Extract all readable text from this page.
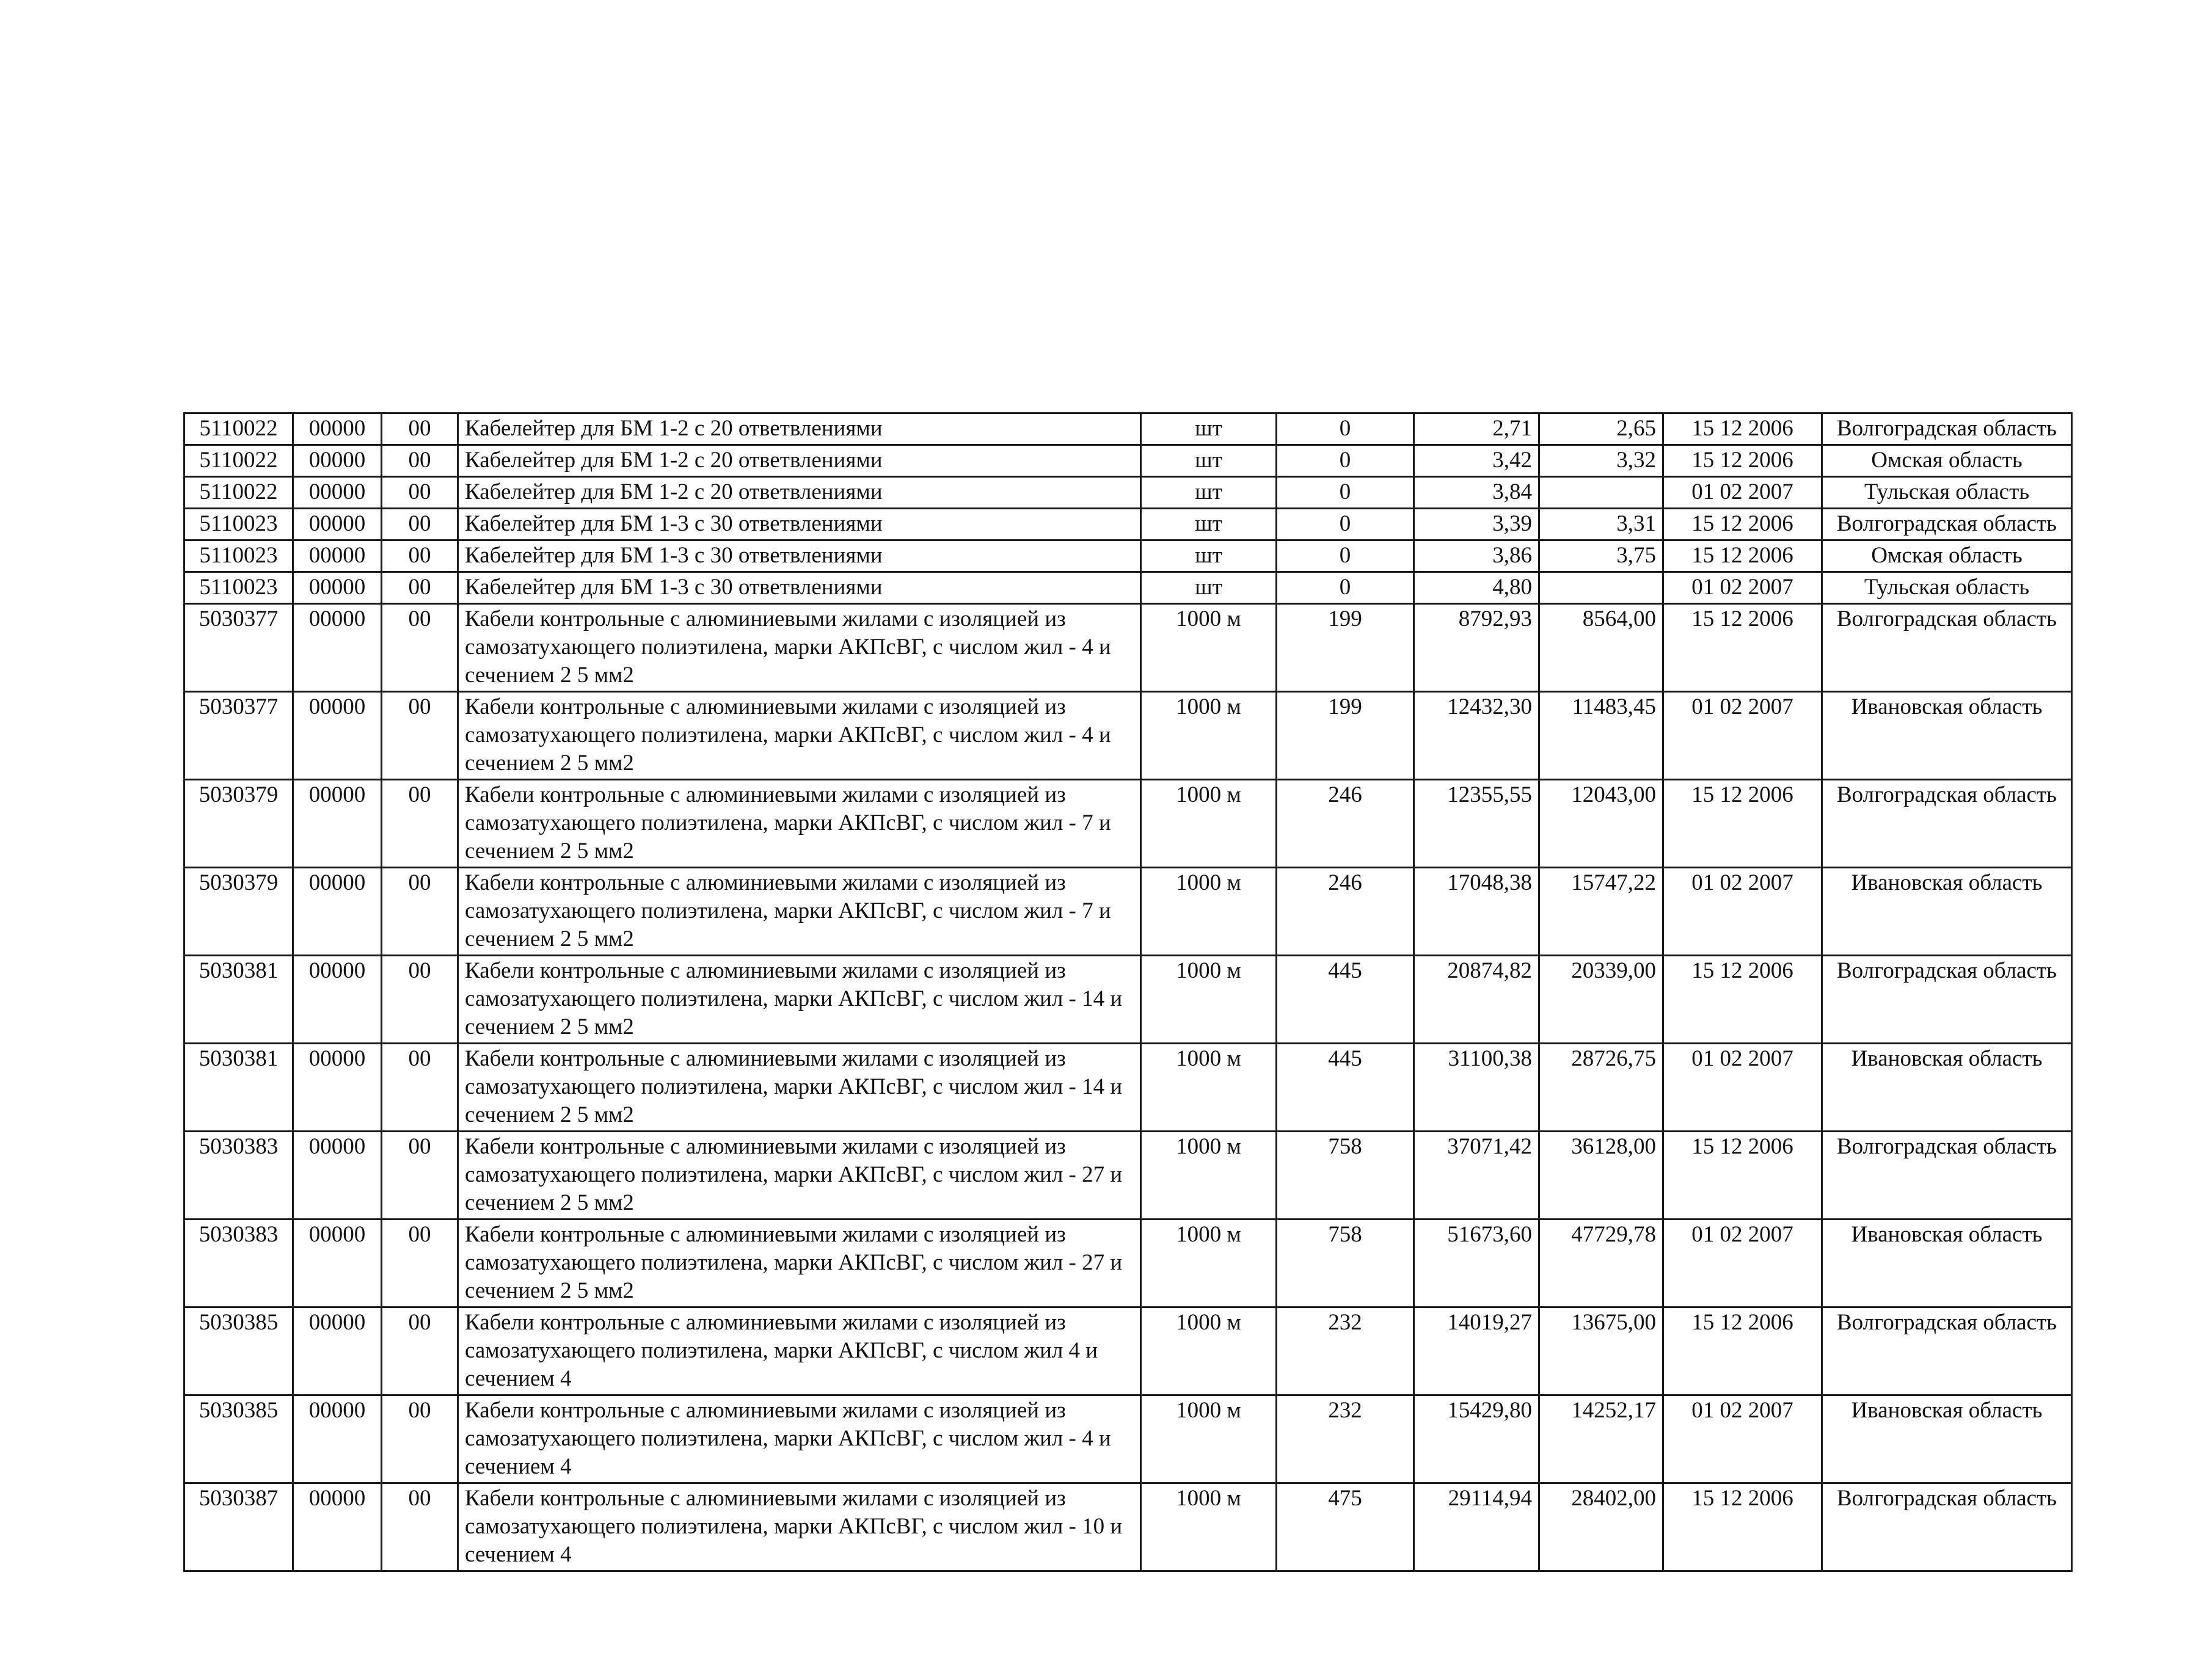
5110022	00000	00	Кабелейтер для БМ 1-2 с 20 ответвлениями	шт	0	2,71	2,65	15 12 2006	Волгоградская область
5110022	00000	00	Кабелейтер для БМ 1-2 с 20 ответвлениями	шт	0	3,42	3,32	15 12 2006	Омская область
5110022	00000	00	Кабелейтер для БМ 1-2 с 20 ответвлениями	шт	0	3,84		01 02 2007	Тульская область
5110023	00000	00	Кабелейтер для БМ 1-3 с 30 ответвлениями	шт	0	3,39	3,31	15 12 2006	Волгоградская область
5110023	00000	00	Кабелейтер для БМ 1-3 с 30 ответвлениями	шт	0	3,86	3,75	15 12 2006	Омская область
5110023	00000	00	Кабелейтер для БМ 1-3 с 30 ответвлениями	шт	0	4,80		01 02 2007	Тульская область
5030377	00000	00	Кабели контрольные с алюминиевыми жилами с изоляцией из самозатухающего полиэтилена, марки АКПсВГ, с числом жил - 4 и сечением 2 5 мм2	1000 м	199	8792,93	8564,00	15 12 2006	Волгоградская область
5030377	00000	00	Кабели контрольные с алюминиевыми жилами с изоляцией из самозатухающего полиэтилена, марки АКПсВГ, с числом жил - 4 и сечением 2 5 мм2	1000 м	199	12432,30	11483,45	01 02 2007	Ивановская область
5030379	00000	00	Кабели контрольные с алюминиевыми жилами с изоляцией из самозатухающего полиэтилена, марки АКПсВГ, с числом жил - 7 и сечением 2 5 мм2	1000 м	246	12355,55	12043,00	15 12 2006	Волгоградская область
5030379	00000	00	Кабели контрольные с алюминиевыми жилами с изоляцией из самозатухающего полиэтилена, марки АКПсВГ, с числом жил - 7 и сечением 2 5 мм2	1000 м	246	17048,38	15747,22	01 02 2007	Ивановская область
5030381	00000	00	Кабели контрольные с алюминиевыми жилами с изоляцией из самозатухающего полиэтилена, марки АКПсВГ, с числом жил - 14 и сечением 2 5 мм2	1000 м	445	20874,82	20339,00	15 12 2006	Волгоградская область
5030381	00000	00	Кабели контрольные с алюминиевыми жилами с изоляцией из самозатухающего полиэтилена, марки АКПсВГ, с числом жил - 14 и сечением 2 5 мм2	1000 м	445	31100,38	28726,75	01 02 2007	Ивановская область
5030383	00000	00	Кабели контрольные с алюминиевыми жилами с изоляцией из самозатухающего полиэтилена, марки АКПсВГ, с числом жил - 27 и сечением 2 5 мм2	1000 м	758	37071,42	36128,00	15 12 2006	Волгоградская область
5030383	00000	00	Кабели контрольные с алюминиевыми жилами с изоляцией из самозатухающего полиэтилена, марки АКПсВГ, с числом жил - 27 и сечением 2 5 мм2	1000 м	758	51673,60	47729,78	01 02 2007	Ивановская область
5030385	00000	00	Кабели контрольные с алюминиевыми жилами с изоляцией из самозатухающего полиэтилена, марки АКПсВГ, с числом жил 4 и сечением 4	1000 м	232	14019,27	13675,00	15 12 2006	Волгоградская область
5030385	00000	00	Кабели контрольные с алюминиевыми жилами с изоляцией из самозатухающего полиэтилена, марки АКПсВГ, с числом жил - 4 и сечением 4	1000 м	232	15429,80	14252,17	01 02 2007	Ивановская область
5030387	00000	00	Кабели контрольные с алюминиевыми жилами с изоляцией из самозатухающего полиэтилена, марки АКПсВГ, с числом жил - 10 и сечением 4	1000 м	475	29114,94	28402,00	15 12 2006	Волгоградская область
